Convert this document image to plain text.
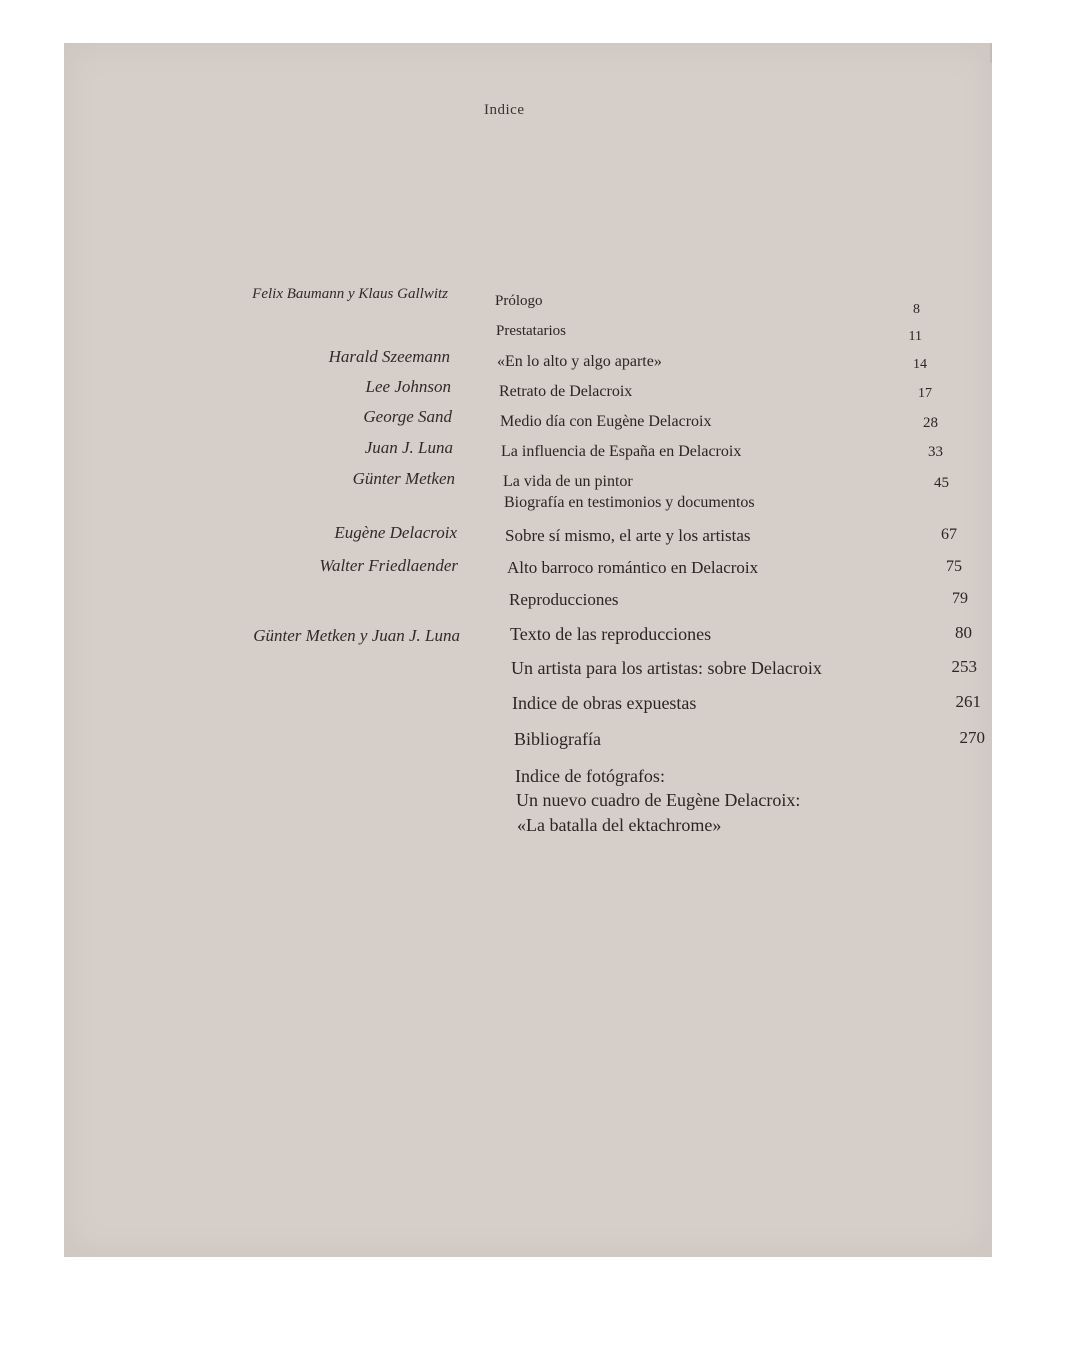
Indice
Felix Baumann y Klaus Gallwitz
Harald Szeemann
Lee Johnson
George Sand
Juan J. Luna
Günter Metken
Eugène Delacroix
Walter Friedlaender
Günter Metken y Juan J. Luna
Prólogo
Prestatarios
«En lo alto y algo aparte»
Retrato de Delacroix
Medio día con Eugène Delacroix
La influencia de España en Delacroix
La vida de un pintor
Biografía en testimonios y documentos
Sobre sí mismo, el arte y los artistas
Alto barroco romántico en Delacroix
Reproducciones
Texto de las reproducciones
Un artista para los artistas: sobre Delacroix
Indice de obras expuestas
Bibliografía
Indice de fotógrafos:
Un nuevo cuadro de Eugène Delacroix:
«La batalla del ektachrome»
8
11
14
17
28
33
45
67
75
79
80
253
261
270
